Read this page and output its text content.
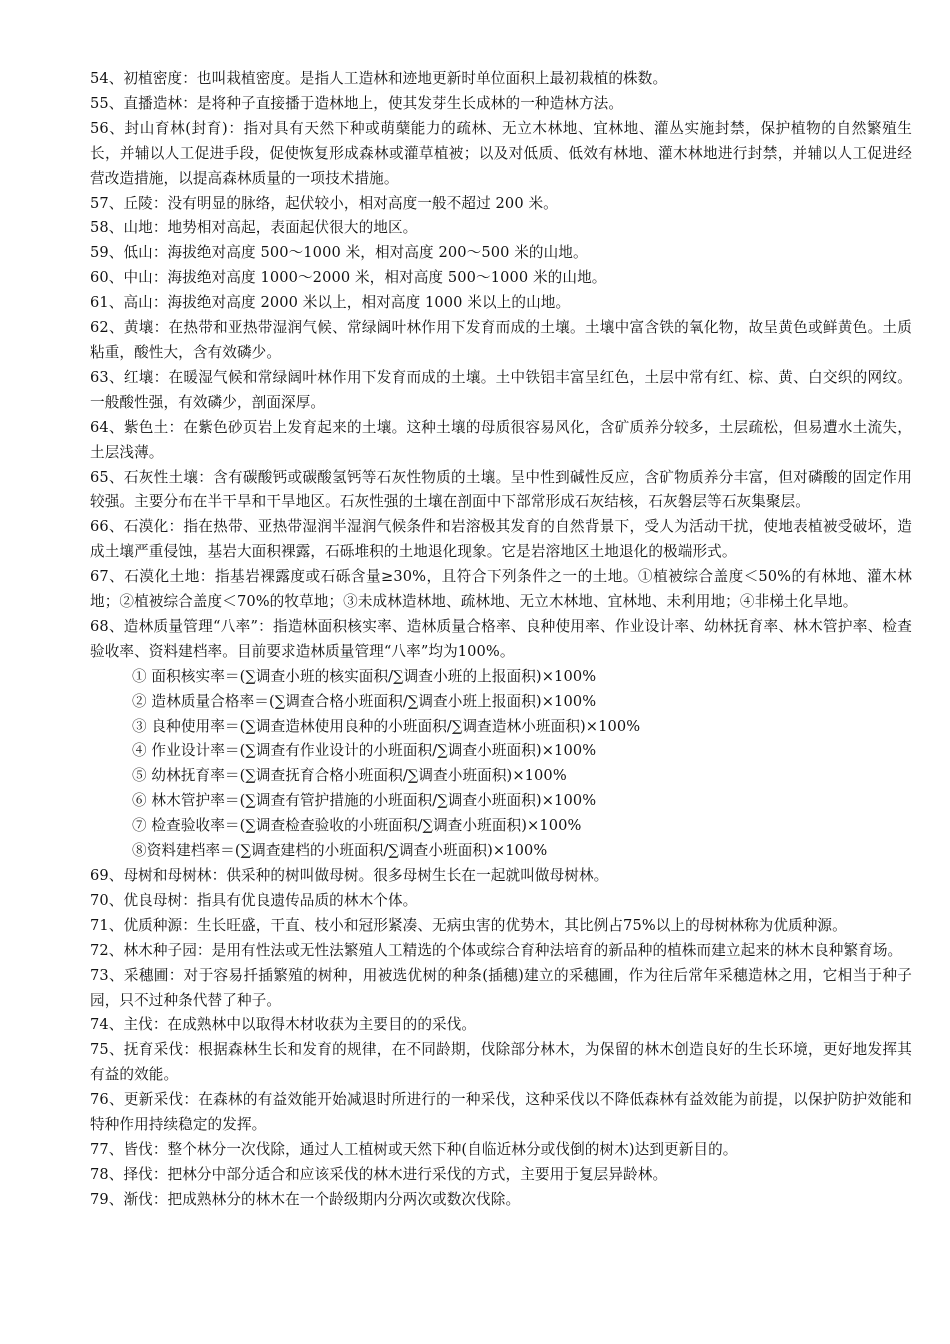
54、初植密度：也叫栽植密度。是指人工造林和迹地更新时单位面积上最初栽植的株数。

55、直播造林：是将种子直接播于造林地上，使其发芽生长成林的一种造林方法。

56、封山育林(封育)：指对具有天然下种或萌蘖能力的疏林、无立木林地、宜林地、灌丛实施封禁，保护植物的自然繁殖生长，并辅以人工促进手段，促使恢复形成森林或灌草植被；以及对低质、低效有林地、灌木林地进行封禁，并辅以人工促进经营改造措施，以提高森林质量的一项技术措施。

57、丘陵：没有明显的脉络，起伏较小，相对高度一般不超过 200 米。

58、山地：地势相对高起，表面起伏很大的地区。

59、低山：海拔绝对高度 500～1000 米，相对高度 200～500 米的山地。

60、中山：海拔绝对高度 1000～2000 米，相对高度 500～1000 米的山地。

61、高山：海拔绝对高度 2000 米以上，相对高度 1000 米以上的山地。

62、黄壤：在热带和亚热带湿润气候、常绿阔叶林作用下发育而成的土壤。土壤中富含铁的氧化物，故呈黄色或鲜黄色。土质粘重，酸性大，含有效磷少。

63、红壤：在暖湿气候和常绿阔叶林作用下发育而成的土壤。土中铁铝丰富呈红色，土层中常有红、棕、黄、白交织的网纹。一般酸性强，有效磷少，剖面深厚。

64、紫色土：在紫色砂页岩上发育起来的土壤。这种土壤的母质很容易风化，含矿质养分较多，土层疏松，但易遭水土流失，土层浅薄。

65、石灰性土壤：含有碳酸钙或碳酸氢钙等石灰性物质的土壤。呈中性到碱性反应，含矿物质养分丰富，但对磷酸的固定作用较强。主要分布在半干旱和干旱地区。石灰性强的土壤在剖面中下部常形成石灰结核，石灰磐层等石灰集聚层。

66、石漠化：指在热带、亚热带湿润半湿润气候条件和岩溶极其发育的自然背景下，受人为活动干扰，使地表植被受破坏，造成土壤严重侵蚀，基岩大面积裸露，石砾堆积的土地退化现象。它是岩溶地区土地退化的极端形式。

67、石漠化土地：指基岩裸露度或石砾含量≥30%，且符合下列条件之一的土地。①植被综合盖度＜50%的有林地、灌木林地；②植被综合盖度＜70%的牧草地；③未成林造林地、疏林地、无立木林地、宜林地、未利用地；④非梯土化旱地。

68、造林质量管理“八率”：指造林面积核实率、造林质量合格率、良种使用率、作业设计率、幼林抚育率、林木管护率、检查验收率、资料建档率。目前要求造林质量管理“八率”均为100%。

① 面积核实率＝(∑调查小班的核实面积/∑调查小班的上报面积)×100%

② 造林质量合格率＝(∑调查合格小班面积/∑调查小班上报面积)×100%

③ 良种使用率＝(∑调查造林使用良种的小班面积/∑调查造林小班面积)×100%

④ 作业设计率＝(∑调查有作业设计的小班面积/∑调查小班面积)×100%

⑤ 幼林抚育率＝(∑调查抚育合格小班面积/∑调查小班面积)×100%

⑥ 林木管护率＝(∑调查有管护措施的小班面积/∑调查小班面积)×100%

⑦ 检查验收率＝(∑调查检查验收的小班面积/∑调查小班面积)×100%

⑧资料建档率＝(∑调查建档的小班面积/∑调查小班面积)×100%

69、母树和母树林：供采种的树叫做母树。很多母树生长在一起就叫做母树林。

70、优良母树：指具有优良遗传品质的林木个体。

71、优质种源：生长旺盛，干直、枝小和冠形紧凑、无病虫害的优势木，其比例占75%以上的母树林称为优质种源。

72、林木种子园：是用有性法或无性法繁殖人工精选的个体或综合育种法培育的新品种的植株而建立起来的林木良种繁育场。

73、采穗圃：对于容易扦插繁殖的树种，用被选优树的种条(插穗)建立的采穗圃，作为往后常年采穗造林之用，它相当于种子园，只不过种条代替了种子。

74、主伐：在成熟林中以取得木材收获为主要目的的采伐。

75、抚育采伐：根据森林生长和发育的规律，在不同龄期，伐除部分林木，为保留的林木创造良好的生长环境，更好地发挥其有益的效能。

76、更新采伐：在森林的有益效能开始减退时所进行的一种采伐，这种采伐以不降低森林有益效能为前提，以保护防护效能和特种作用持续稳定的发挥。

77、皆伐：整个林分一次伐除，通过人工植树或天然下种(自临近林分或伐倒的树木)达到更新目的。

78、择伐：把林分中部分适合和应该采伐的林木进行采伐的方式，主要用于复层异龄林。

79、渐伐：把成熟林分的林木在一个龄级期内分两次或数次伐除。
